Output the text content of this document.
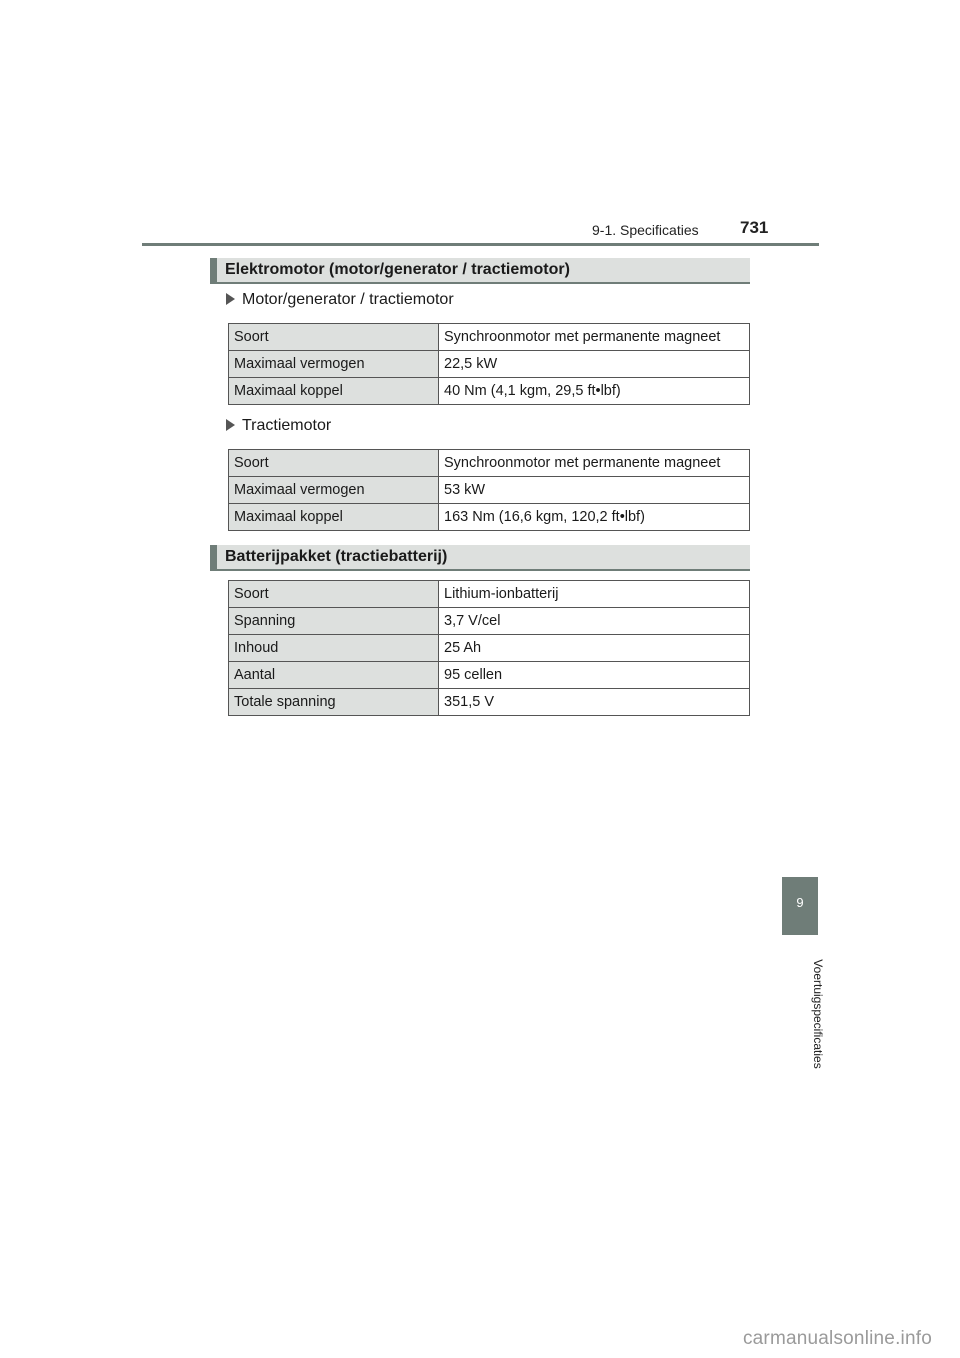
9-1. Specificaties 731
Elektromotor (motor/generator / tractiemotor)
Motor/generator / tractiemotor
Soort	Synchroonmotor met permanente magneet
Maximaal vermogen	22,5 kW
Maximaal koppel	40 Nm (4,1 kgm, 29,5 ft•lbf)
Tractiemotor
Soort	Synchroonmotor met permanente magneet
Maximaal vermogen	53 kW
Maximaal koppel	163 Nm (16,6 kgm, 120,2 ft•lbf)
Batterijpakket (tractiebatterij)
Soort	Lithium-ionbatterij
Spanning	3,7 V/cel
Inhoud	25 Ah
Aantal	95 cellen
Totale spanning	351,5 V
9
Voertuigspecificaties
carmanualsonline.info
